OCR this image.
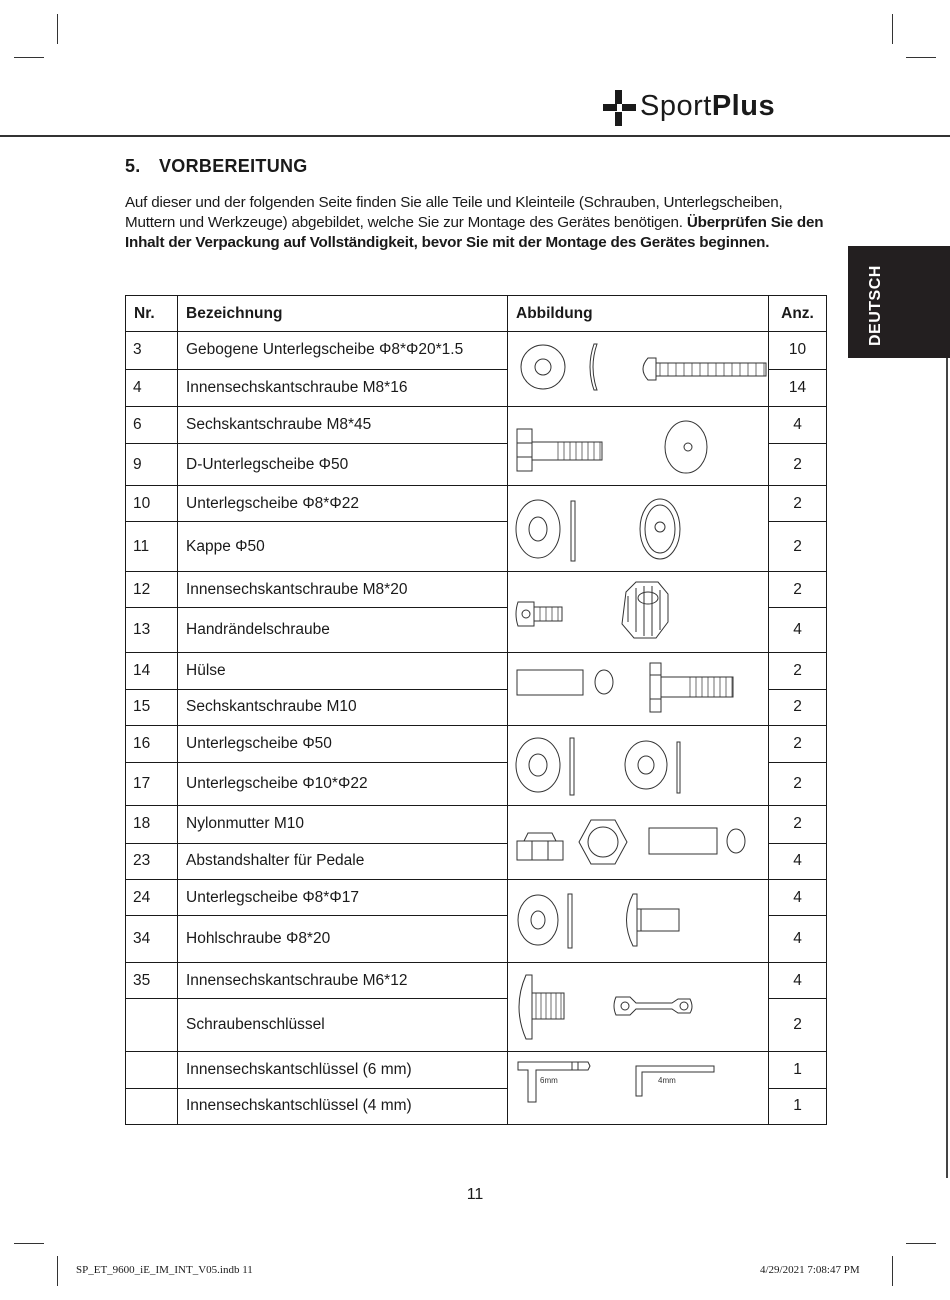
SportPlus
DEUTSCH
5. VORBEREITUNG

Auf dieser und der folgenden Seite finden Sie alle Teile und Kleinteile (Schrauben, Unterlegscheiben, Muttern und Werkzeuge) abgebildet, welche Sie zur Montage des Gerätes benötigen. Überprüfen Sie den Inhalt der Verpackung auf Vollständigkeit, bevor Sie mit der Montage des Gerätes beginnen.

Nr.	Bezeichnung	Abbildung	Anz.
3	Gebogene Unterlegscheibe Φ8*Φ20*1.5		10
4	Innensechskantschraube M8*16		14
6	Sechskantschraube M8*45		4
9	D-Unterlegscheibe Φ50		2
10	Unterlegscheibe Φ8*Φ22		2
11	Kappe Φ50		2
12	Innensechskantschraube M8*20		2
13	Handrändelschraube		4
14	Hülse		2
15	Sechskantschraube M10		2
16	Unterlegscheibe Φ50		2
17	Unterlegscheibe Φ10*Φ22		2
18	Nylonmutter M10		2
23	Abstandshalter für Pedale		4
24	Unterlegscheibe Φ8*Φ17		4
34	Hohlschraube Φ8*20		4
35	Innensechskantschraube M6*12		4
	Schraubenschlüssel		2
	Innensechskantschlüssel (6 mm)	6mm 4mm	1
	Innensechskantschlüssel (4 mm)		1
11
SP_ET_9600_iE_IM_INT_V05.indb 11	4/29/2021 7:08:47 PM
